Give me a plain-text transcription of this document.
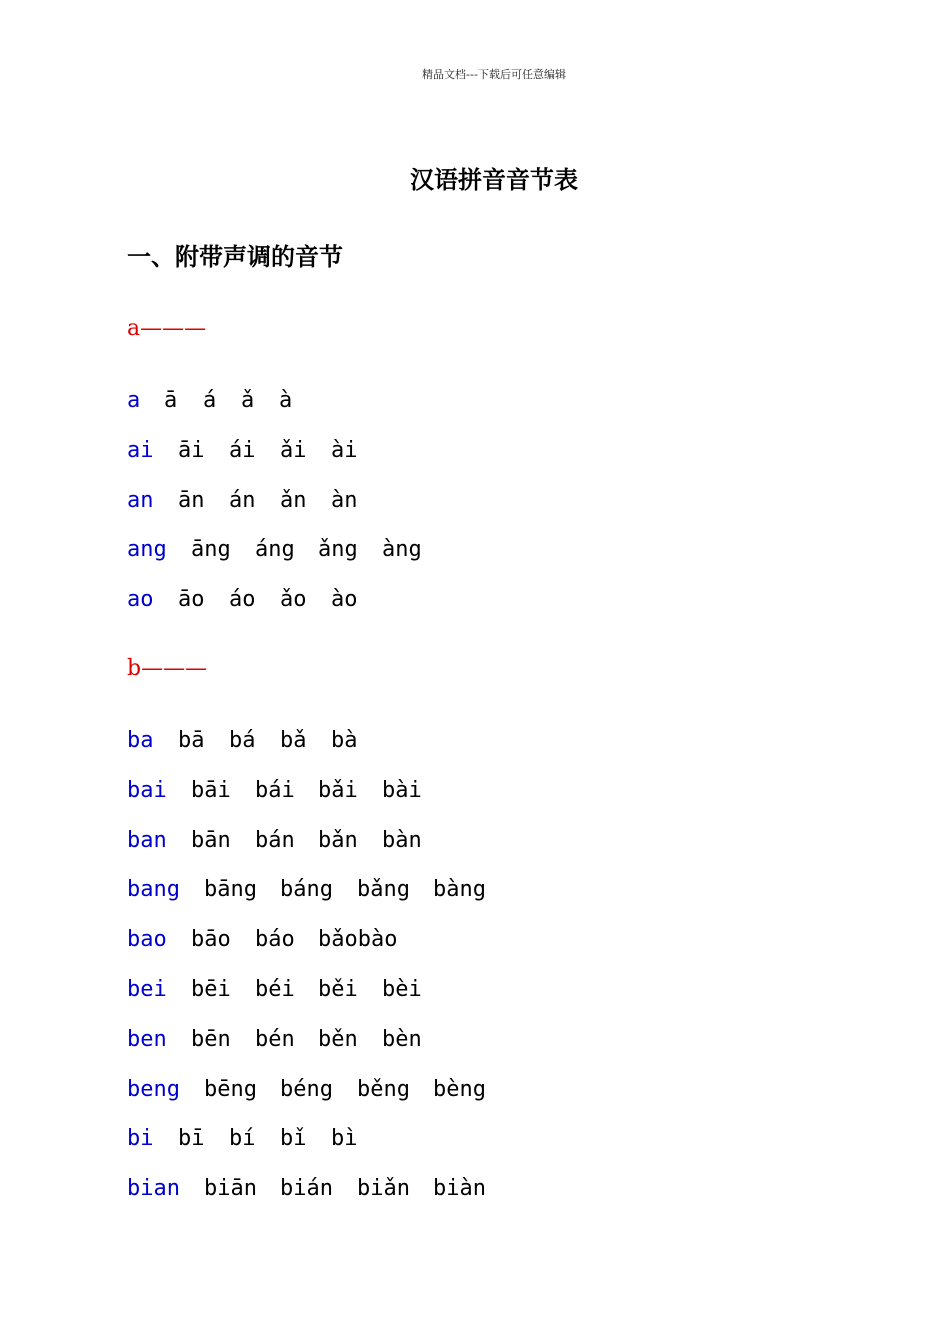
精品文档---下载后可任意编辑
汉语拼音音节表
一、附带声调的音节
a———
a ā á ǎ à
ai āi ái ǎi ài
an ān án ǎn àn
ang āng áng ǎng àng
ao āo áo ǎo ào
b———
ba bā bá bǎ bà
bai bāi bái bǎi bài
ban bān bán bǎn bàn
bang bāng báng bǎng bàng
bao bāo báo bǎobào
bei bēi béi běi bèi
ben bēn bén běn bèn
beng bēng béng běng bèng
bi bī bí bǐ bì
bian biān bián biǎn biàn
